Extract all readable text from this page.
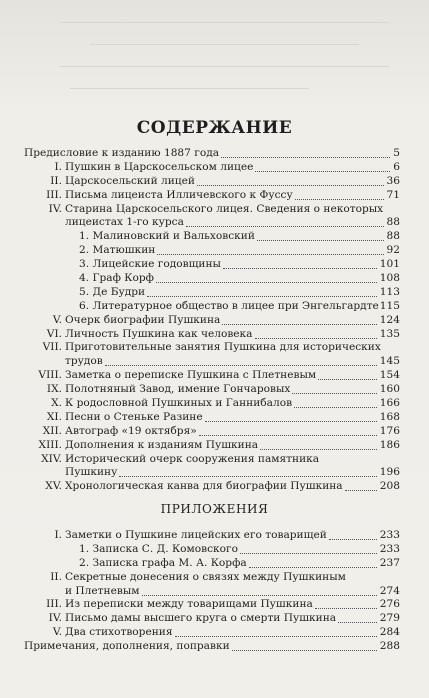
СОДЕРЖАНИЕ
Предисловие к изданию 1887 года	5
I. Пушкин в Царскосельском лицее	6
II. Царскосельский лицей	36
III. Письма лицеиста Илличевского к Фуссу	71
IV. Старина Царскосельского лицея. Сведения о некоторых
лицеистах 1-го курса	88
1. Малиновский и Вальховский	88
2. Матюшкин	92
3. Лицейские годовщины	101
4. Граф Корф	108
5. Де Будри	113
6. Литературное общество в лицее при Энгельгардте 115
V. Очерк биографии Пушкина	124
VI. Личность Пушкина как человека	135
VII. Приготовительные занятия Пушкина для исторических
трудов	145
VIII. Заметка о переписке Пушкина с Плетневым	154
IX. Полотняный Завод, имение Гончаровых	160
X. К родословной Пушкиных и Ганнибалов	166
XI. Песни о Стеньке Разине	168
XII. Автограф «19 октября»	176
XIII. Дополнения к изданиям Пушкина	186
XIV. Исторический очерк сооружения памятника
Пушкину	196
XV. Хронологическая канва для биографии Пушкина	208
ПРИЛОЖЕНИЯ
I. Заметки о Пушкине лицейских его товарищей	233
1. Записка С. Д. Комовского	233
2. Записка графа М. А. Корфа	237
II. Секретные донесения о связях между Пушкиным
и Плетневым	274
III. Из переписки между товарищами Пушкина	276
IV. Письмо дамы высшего круга о смерти Пушкина	279
V. Два стихотворения	284
Примечания, дополнения, поправки	288
